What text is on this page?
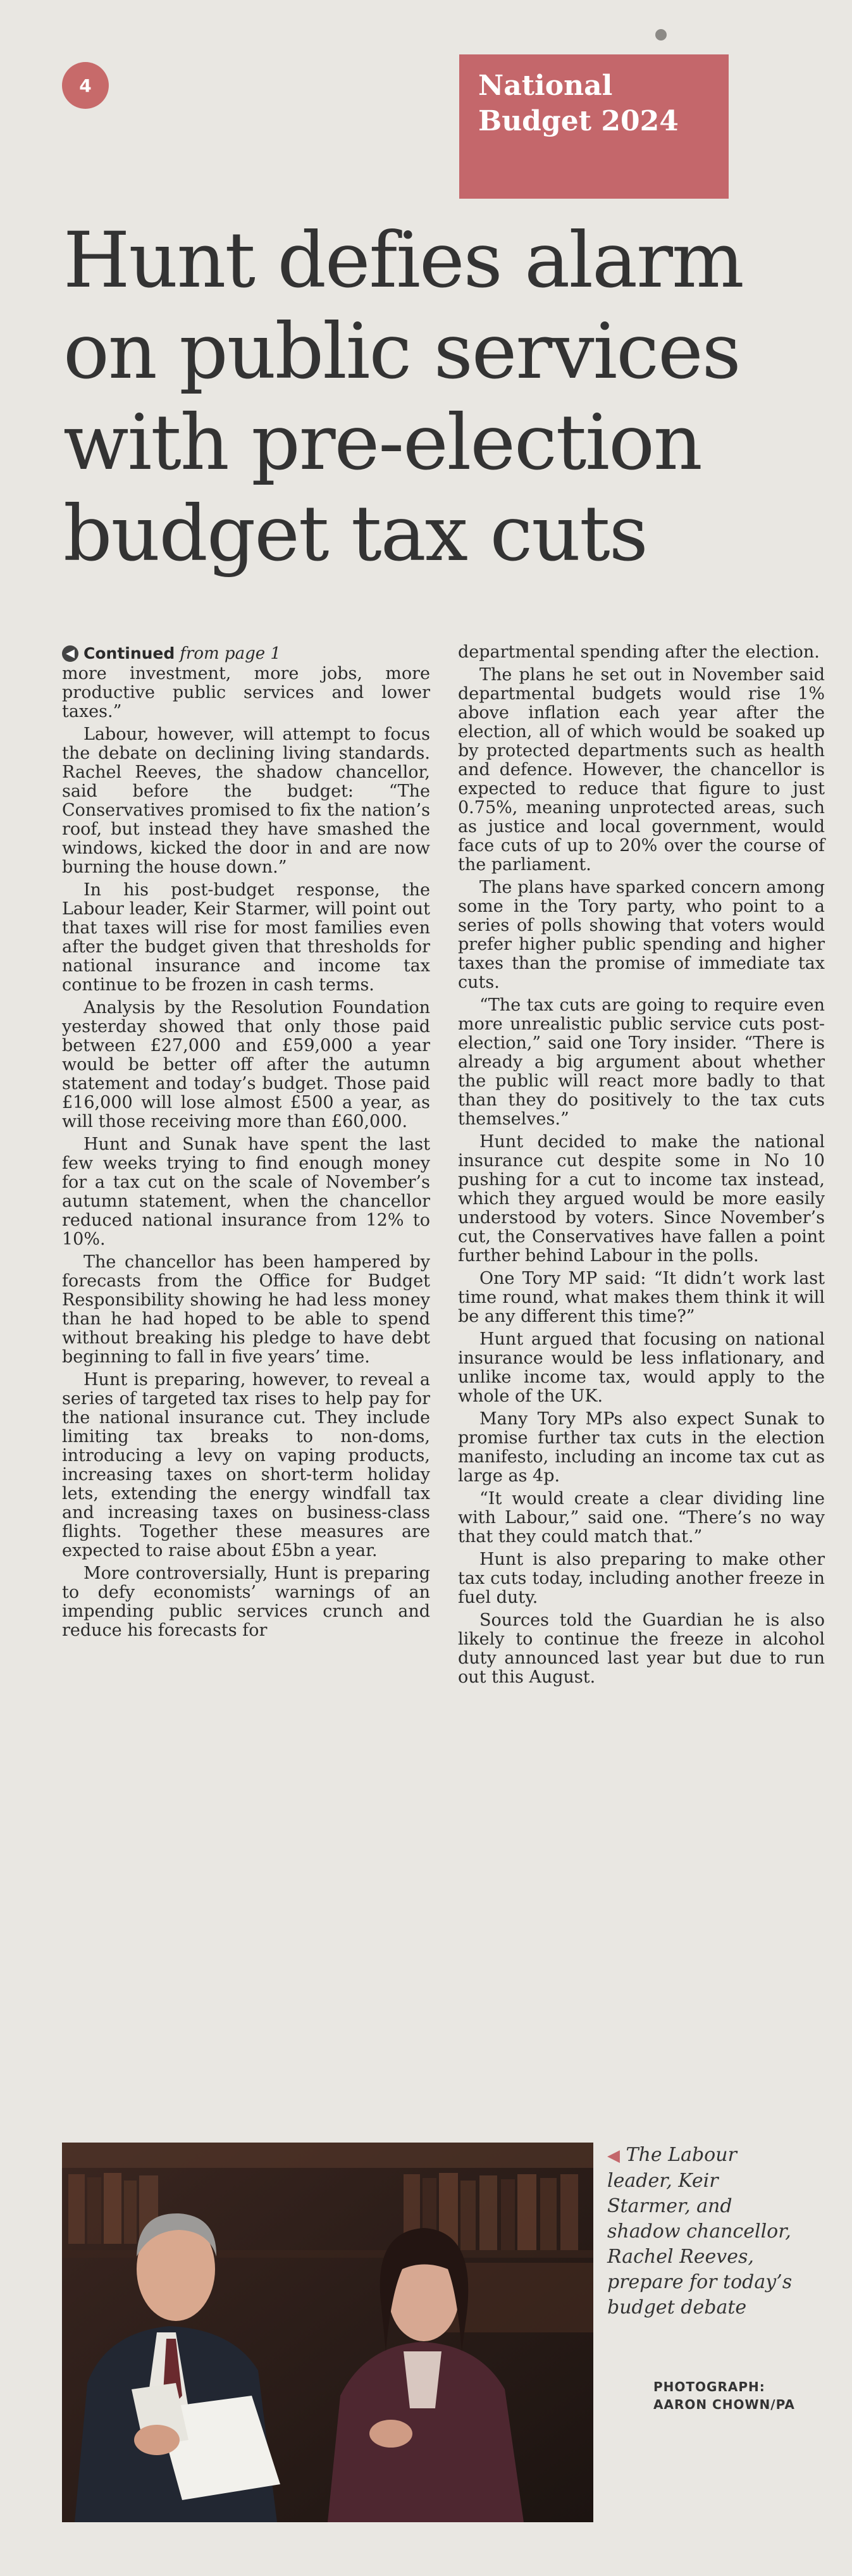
4	National
Budget 2024
Hunt defies alarm on public services with pre-election budget tax cuts
◀ Continued from page 1

more investment, more jobs, more productive public services and lower taxes.”

Labour, however, will attempt to focus the debate on declining living standards. Rachel Reeves, the shadow chancellor, said before the budget: “The Conservatives promised to fix the nation’s roof, but instead they have smashed the windows, kicked the door in and are now burning the house down.”

In his post-budget response, the Labour leader, Keir Starmer, will point out that taxes will rise for most families even after the budget given that thresholds for national insurance and income tax continue to be frozen in cash terms.

Analysis by the Resolution Foundation yesterday showed that only those paid between £27,000 and £59,000 a year would be better off after the autumn statement and today’s budget. Those paid £16,000 will lose almost £500 a year, as will those receiving more than £60,000.

Hunt and Sunak have spent the last few weeks trying to find enough money for a tax cut on the scale of November’s autumn statement, when the chancellor reduced national insurance from 12% to 10%.

The chancellor has been hampered by forecasts from the Office for Budget Responsibility showing he had less money than he had hoped to be able to spend without breaking his pledge to have debt beginning to fall in five years’ time.

Hunt is preparing, however, to reveal a series of targeted tax rises to help pay for the national insurance cut. They include limiting tax breaks to non-doms, introducing a levy on vaping products, increasing taxes on short-term holiday lets, extending the energy windfall tax and increasing taxes on business-class flights. Together these measures are expected to raise about £5bn a year.

More controversially, Hunt is preparing to defy economists’ warnings of an impending public services crunch and reduce his forecasts for

departmental spending after the election.

The plans he set out in November said departmental budgets would rise 1% above inflation each year after the election, all of which would be soaked up by protected departments such as health and defence. However, the chancellor is expected to reduce that figure to just 0.75%, meaning unprotected areas, such as justice and local government, would face cuts of up to 20% over the course of the parliament.

The plans have sparked concern among some in the Tory party, who point to a series of polls showing that voters would prefer higher public spending and higher taxes than the promise of immediate tax cuts.

“The tax cuts are going to require even more unrealistic public service cuts post-election,” said one Tory insider. “There is already a big argument about whether the public will react more badly to that than they do positively to the tax cuts themselves.”

Hunt decided to make the national insurance cut despite some in No 10 pushing for a cut to income tax instead, which they argued would be more easily understood by voters. Since November’s cut, the Conservatives have fallen a point further behind Labour in the polls.

One Tory MP said: “It didn’t work last time round, what makes them think it will be any different this time?”

Hunt argued that focusing on national insurance would be less inflationary, and unlike income tax, would apply to the whole of the UK.

Many Tory MPs also expect Sunak to promise further tax cuts in the election manifesto, including an income tax cut as large as 4p.

“It would create a clear dividing line with Labour,” said one. “There’s no way that they could match that.”

Hunt is also preparing to make other tax cuts today, including another freeze in fuel duty.

Sources told the Guardian he is also likely to continue the freeze in alcohol duty announced last year but due to run out this August.

◀ The Labour leader, Keir Starmer, and shadow chancellor, Rachel Reeves, prepare for today’s budget debate
PHOTOGRAPH:
AARON CHOWN/PA
